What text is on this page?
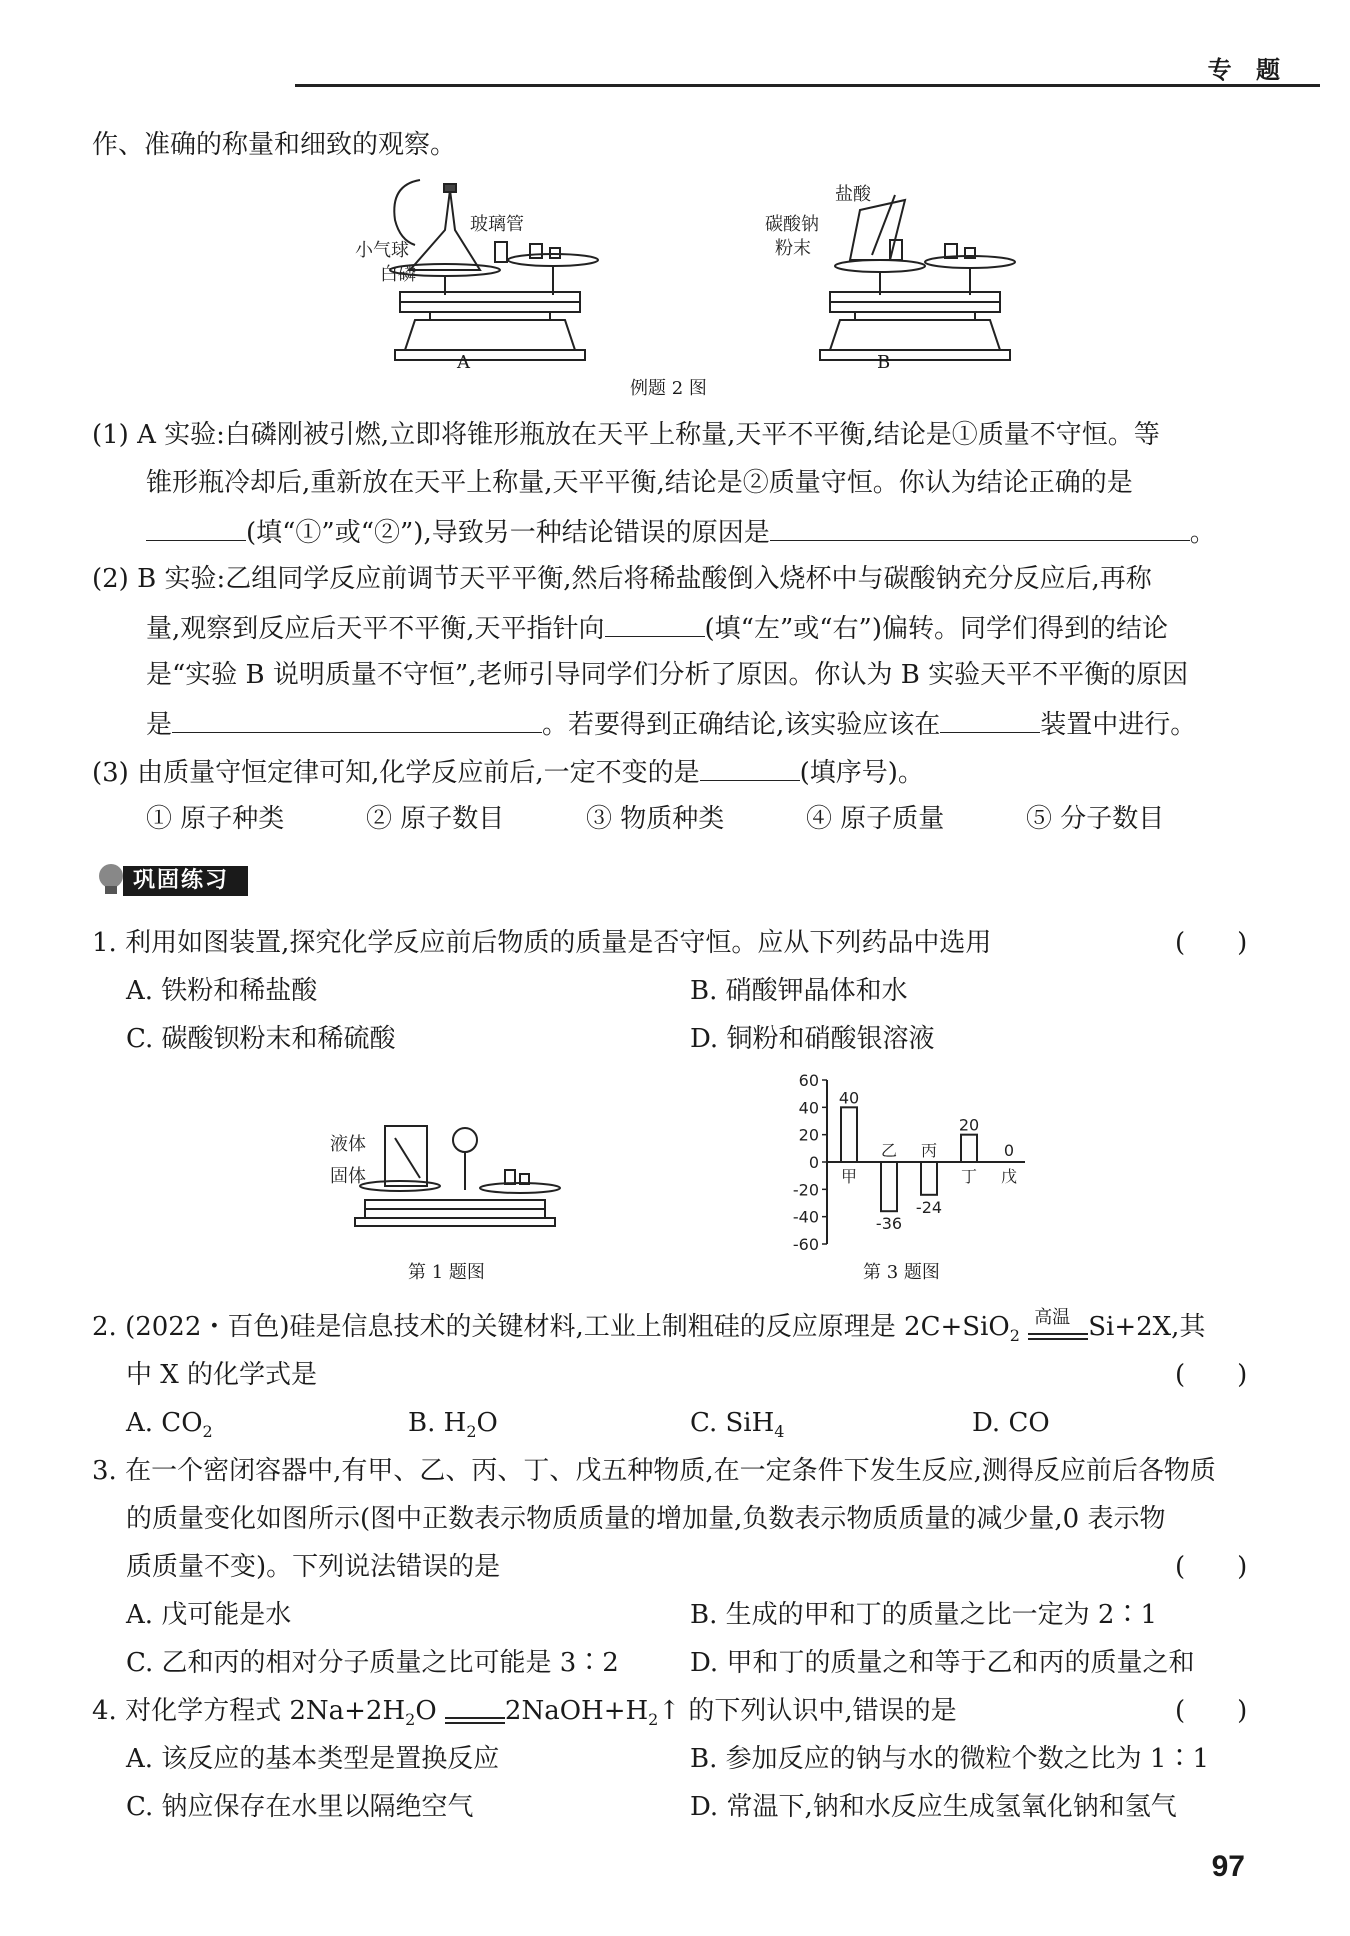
专 题
作、准确的称量和细致的观察。
玻璃管
小气球
白磷
A
盐酸
碳酸钠
粉末
B
例题 2 图
(1) A 实验:白磷刚被引燃,立即将锥形瓶放在天平上称量,天平不平衡,结论是①质量不守恒。等
锥形瓶冷却后,重新放在天平上称量,天平平衡,结论是②质量守恒。你认为结论正确的是
(填“①”或“②”),导致另一种结论错误的原因是	。
(2) B 实验:乙组同学反应前调节天平平衡,然后将稀盐酸倒入烧杯中与碳酸钠充分反应后,再称
量,观察到反应后天平不平衡,天平指针向	(填“左”或“右”)偏转。同学们得到的结论
是“实验 B 说明质量不守恒”,老师引导同学们分析了原因。你认为 B 实验天平不平衡的原因
是	。若要得到正确结论,该实验应该在	装置中进行。
(3) 由质量守恒定律可知,化学反应前后,一定不变的是	(填序号)。
① 原子种类	② 原子数目	③ 物质种类	④ 原子质量	⑤ 分子数目
巩固练习
1. 利用如图装置,探究化学反应前后物质的质量是否守恒。应从下列药品中选用	(　　)
A. 铁粉和稀盐酸	B. 硝酸钾晶体和水
C. 碳酸钡粉末和稀硫酸	D. 铜粉和硝酸银溶液
液体
固体
第 1 题图
60
40
20
0
-20
-40
-60
40
甲
-36
乙
-24
丙
20
丁
0
戊
第 3 题图
2. (2022・百色)硅是信息技术的关键材料,工业上制粗硅的反应原理是 2C+SiO$_2$
高温 Si+2X,其
中 X 的化学式是	(　　)
A. $CO_2$	B. $H_2O$	C. SiH$_4$	D. CO
3. 在一个密闭容器中,有甲、乙、丙、丁、戊五种物质,在一定条件下发生反应,测得反应前后各物质
的质量变化如图所示(图中正数表示物质质量的增加量,负数表示物质质量的减少量,0 表示物
质质量不变)。下列说法错误的是	(　　)
A. 戊可能是水	B. 生成的甲和丁的质量之比一定为 2∶1
C. 乙和丙的相对分子质量之比可能是 3∶2	D. 甲和丁的质量之和等于乙和丙的质量之和
4. 对化学方程式 $2Na+2H_2O$	$2NaOH+H_2↑$ 的下列认识中,错误的是	(　　)
A. 该反应的基本类型是置换反应	B. 参加反应的钠与水的微粒个数之比为 1∶1
C. 钠应保存在水里以隔绝空气	D. 常温下,钠和水反应生成氢氧化钠和氢气
97
